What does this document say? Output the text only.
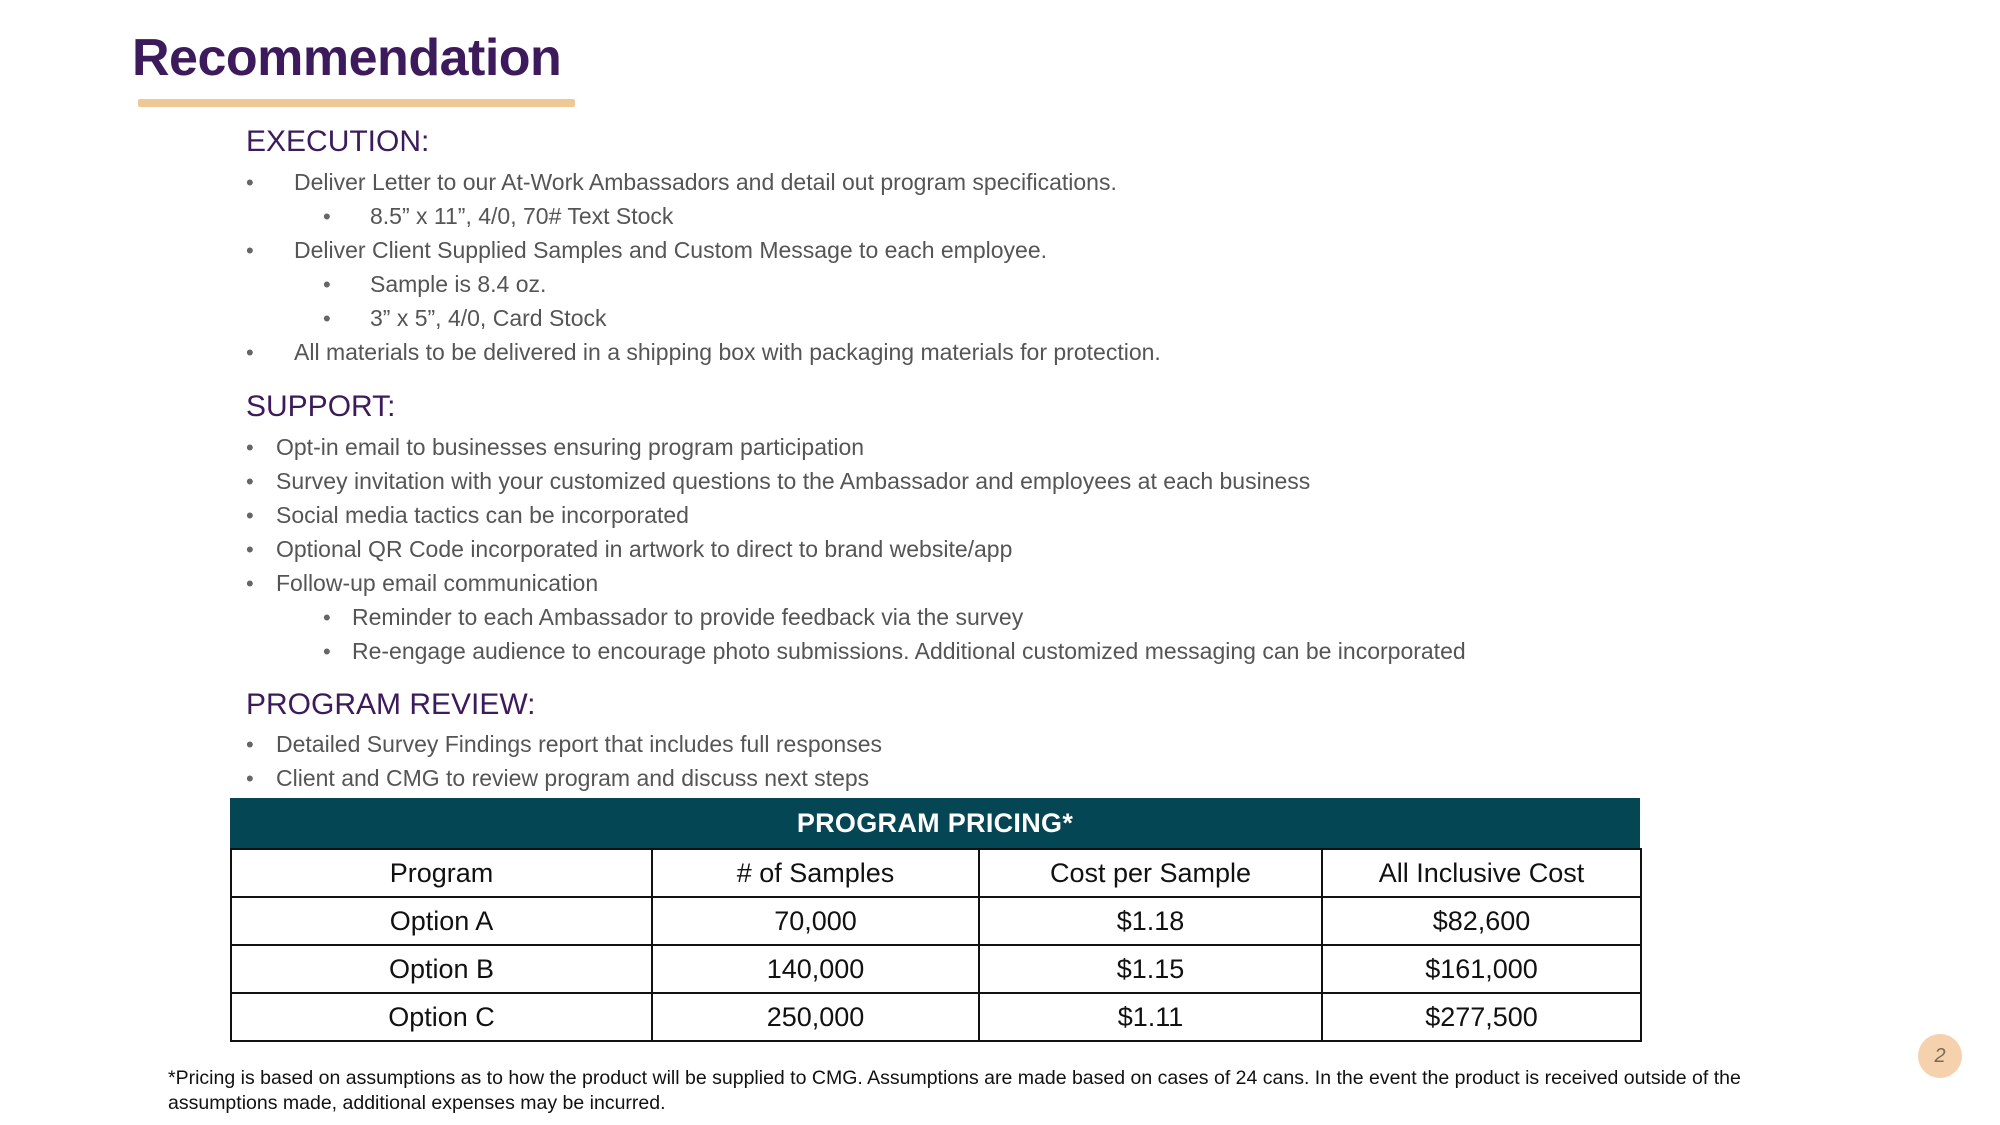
Recommendation
EXECUTION:
• Deliver Letter to our At-Work Ambassadors and detail out program specifications.
• 8.5” x 11”, 4/0, 70# Text Stock
• Deliver Client Supplied Samples and Custom Message to each employee.
• Sample is 8.4 oz.
• 3” x 5”, 4/0, Card Stock
• All materials to be delivered in a shipping box with packaging materials for protection.
SUPPORT:
• Opt-in email to businesses ensuring program participation
• Survey invitation with your customized questions to the Ambassador and employees at each business
• Social media tactics can be incorporated
• Optional QR Code incorporated in artwork to direct to brand website/app
• Follow-up email communication
• Reminder to each Ambassador to provide feedback via the survey
• Re-engage audience to encourage photo submissions. Additional customized messaging can be incorporated
PROGRAM REVIEW:
• Detailed Survey Findings report that includes full responses
• Client and CMG to review program and discuss next steps
PROGRAM PRICING*
Program	# of Samples	Cost per Sample	All Inclusive Cost
Option A	70,000	$1.18	$82,600
Option B	140,000	$1.15	$161,000
Option C	250,000	$1.11	$277,500

*Pricing is based on assumptions as to how the product will be supplied to CMG. Assumptions are made based on cases of 24 cans. In the event the product is received outside of the assumptions made, additional expenses may be incurred.

2
